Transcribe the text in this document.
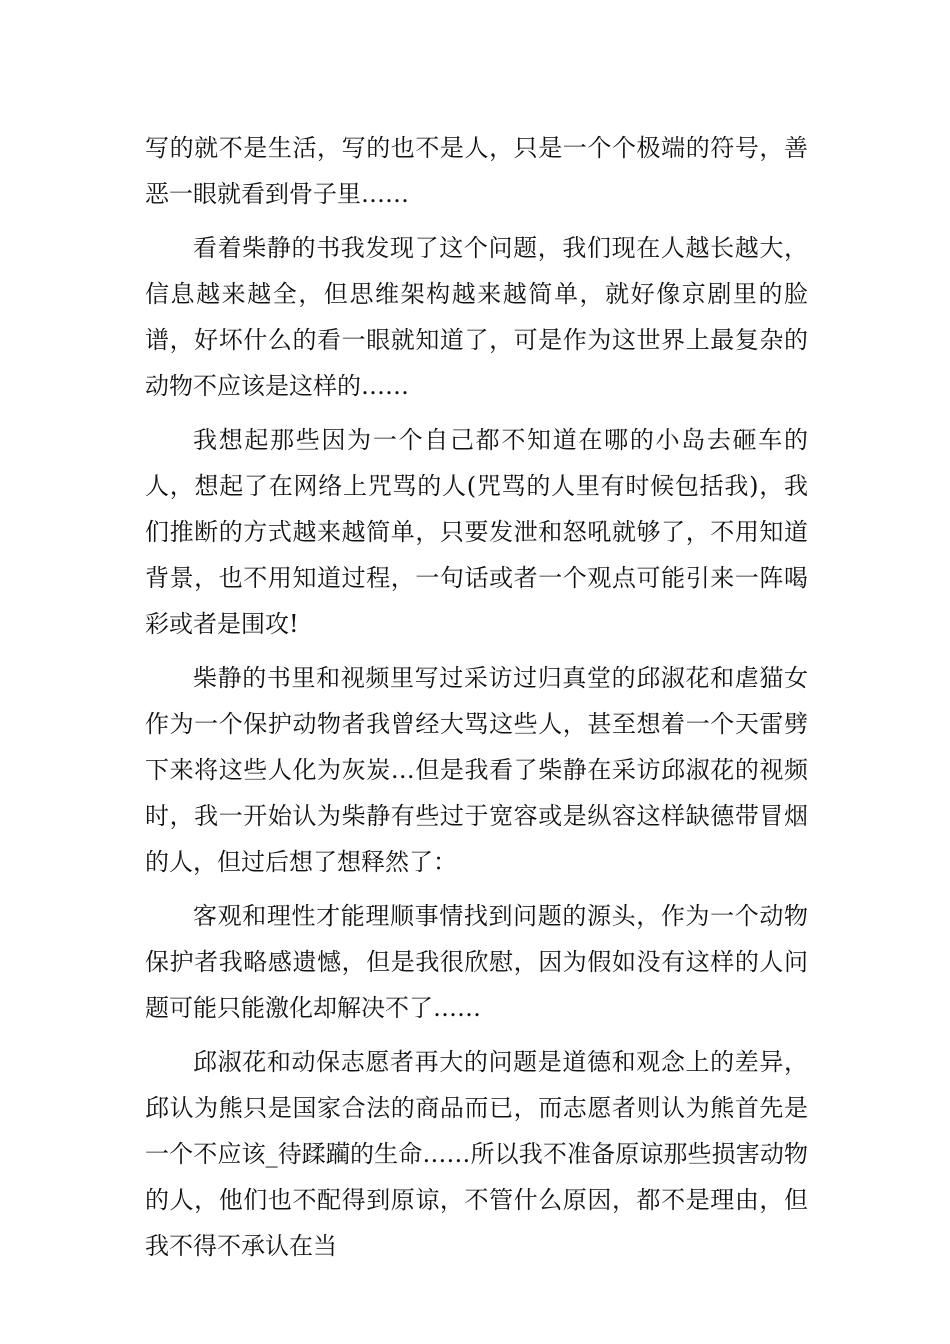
写的就不是生活，写的也不是人，只是一个个极端的符号，善恶一眼就看到骨子里……

看着柴静的书我发现了这个问题，我们现在人越长越大，信息越来越全，但思维架构越来越简单，就好像京剧里的脸谱，好坏什么的看一眼就知道了，可是作为这世界上最复杂的动物不应该是这样的……

我想起那些因为一个自己都不知道在哪的小岛去砸车的人，想起了在网络上咒骂的人(咒骂的人里有时候包括我)，我们推断的方式越来越简单，只要发泄和怒吼就够了，不用知道背景，也不用知道过程，一句话或者一个观点可能引来一阵喝彩或者是围攻!

柴静的书里和视频里写过采访过归真堂的邱淑花和虐猫女作为一个保护动物者我曾经大骂这些人，甚至想着一个天雷劈下来将这些人化为灰炭…但是我看了柴静在采访邱淑花的视频时，我一开始认为柴静有些过于宽容或是纵容这样缺德带冒烟的人，但过后想了想释然了：

客观和理性才能理顺事情找到问题的源头，作为一个动物保护者我略感遗憾，但是我很欣慰，因为假如没有这样的人问题可能只能激化却解决不了……

邱淑花和动保志愿者再大的问题是道德和观念上的差异，邱认为熊只是国家合法的商品而已，而志愿者则认为熊首先是一个不应该_待蹂躏的生命……所以我不准备原谅那些损害动物的人，他们也不配得到原谅，不管什么原因，都不是理由，但我不得不承认在当
